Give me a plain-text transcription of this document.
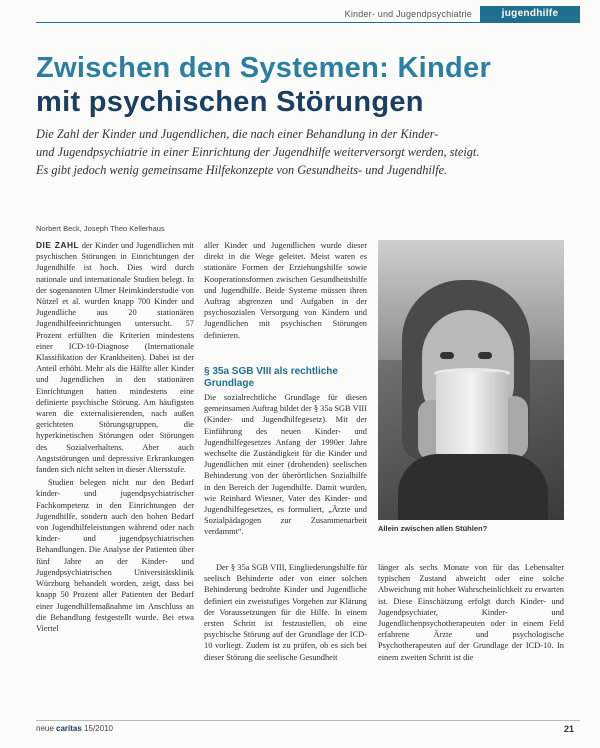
Kinder- und Jugendpsychiatrie	jugendhilfe
Zwischen den Systemen: Kinder
mit psychischen Störungen

Die Zahl der Kinder und Jugendlichen, die nach einer Behandlung in der Kinder-

und Jugendpsychiatrie in einer Einrichtung der Jugendhilfe weiterversorgt werden, steigt.

Es gibt jedoch wenig gemeinsame Hilfekonzepte von Gesundheits- und Jugendhilfe.

Norbert Beck, Joseph Theo Kellerhaus

DIE ZAHL der Kinder und Jugendlichen mit psychischen Störungen in Einrichtungen der Jugendhilfe ist hoch. Dies wird durch nationale und internationale Studien belegt. In der sogenannten Ulmer Heimkinderstudie von Nützel et al. wurden knapp 700 Kinder und Jugendliche aus 20 stationären Jugendhilfeeinrichtungen untersucht. 57 Prozent erfüllten die Kriterien mindestens einer ICD-10-Diagnose (Internationale Klassifikation der Krankheiten). Dabei ist der Anteil erhöht. Mehr als die Hälfte aller Kinder und Jugendlichen in den stationären Einrichtungen hatten mindestens eine definierte psychische Störung. Am häufigsten waren die externalisierenden, nach außen gerichteten Störungsgruppen, die hyperkinetischen Störungen oder Störungen des Sozialverhaltens. Aber auch Angststörungen und depressive Erkrankungen fanden sich nicht selten in dieser Altersstufe.

Studien belegen nicht nur den Bedarf kinder- und jugendpsychiatrischer Fachkompetenz in den Einrichtungen der Jugendhilfe, sondern auch den hohen Bedarf von Jugendhilfeleistungen während oder nach kinder- und jugendpsychiatrischen Behandlungen. Die Analyse der Patienten über fünf Jahre an der Kinder- und Jugendpsychiatrischen Universitätsklinik Würzburg behandelt worden, zeigt, dass bei knapp 50 Prozent aller Patienten der Bedarf einer Jugendhilfemaßnahme im Anschluss an die Behandlung festgestellt wurde. Bei etwa Viertel

aller Kinder und Jugendlichen wurde dieser direkt in die Wege geleitet. Meist waren es stationäre Formen der Erziehungshilfe sowie Kooperationsformen zwischen Gesundheitshilfe und Jugendhilfe. Beide Systeme müssen ihren Auftrag abgrenzen und Aufgaben in der psychosozialen Versorgung von Kindern und Jugendlichen mit psychischen Störungen definieren.

§ 35a SGB VIII als rechtliche Grundlage

Die sozialrechtliche Grundlage für diesen gemeinsamen Auftrag bildet der § 35a SGB VIII (Kinder- und Jugendhilfegesetz). Mit der Einführung des neuen Kinder- und Jugendhilfegesetzes Anfang der 1990er Jahre wechselte die Zuständigkeit für die Kinder und Jugendlichen mit einer (drohenden) seelischen Behinderung von der überörtlichen Sozialhilfe in den Bereich der Jugendhilfe. Damit wurden, wie Reinhard Wiesner, Vater des Kinder- und Jugendhilfegesetzes, es formuliert, „Ärzte und Sozialpädagogen zur Zusammenarbeit verdammt“.

Der § 35a SGB VIII, Eingliederungshilfe für seelisch Behinderte oder von einer solchen Behinderung bedrohte Kinder und Jugendliche definiert ein zweistufiges Vorgehen zur Klärung der Voraussetzungen für die Hilfe. In einem ersten Schritt ist festzustellen, ob eine psychische Störung auf der Grundlage der ICD-10 vorliegt. Zudem ist zu prüfen, ob es sich bei dieser Störung die seelische Gesundheit

länger als sechs Monate von für das Lebensalter typischen Zustand abweicht oder eine solche Abweichung mit hoher Wahrscheinlichkeit zu erwarten ist. Diese Einschätzung erfolgt durch Kinder- und Jugendpsychiater, Kinder- und Jugendlichenpsychotherapeuten oder in einem Feld erfahrene Ärzte und psychologische Psychotherapeuten auf der Grundlage der ICD-10. In einem zweiten Schritt ist die

Allein zwischen allen Stühlen?
neue caritas 15/2010	21
